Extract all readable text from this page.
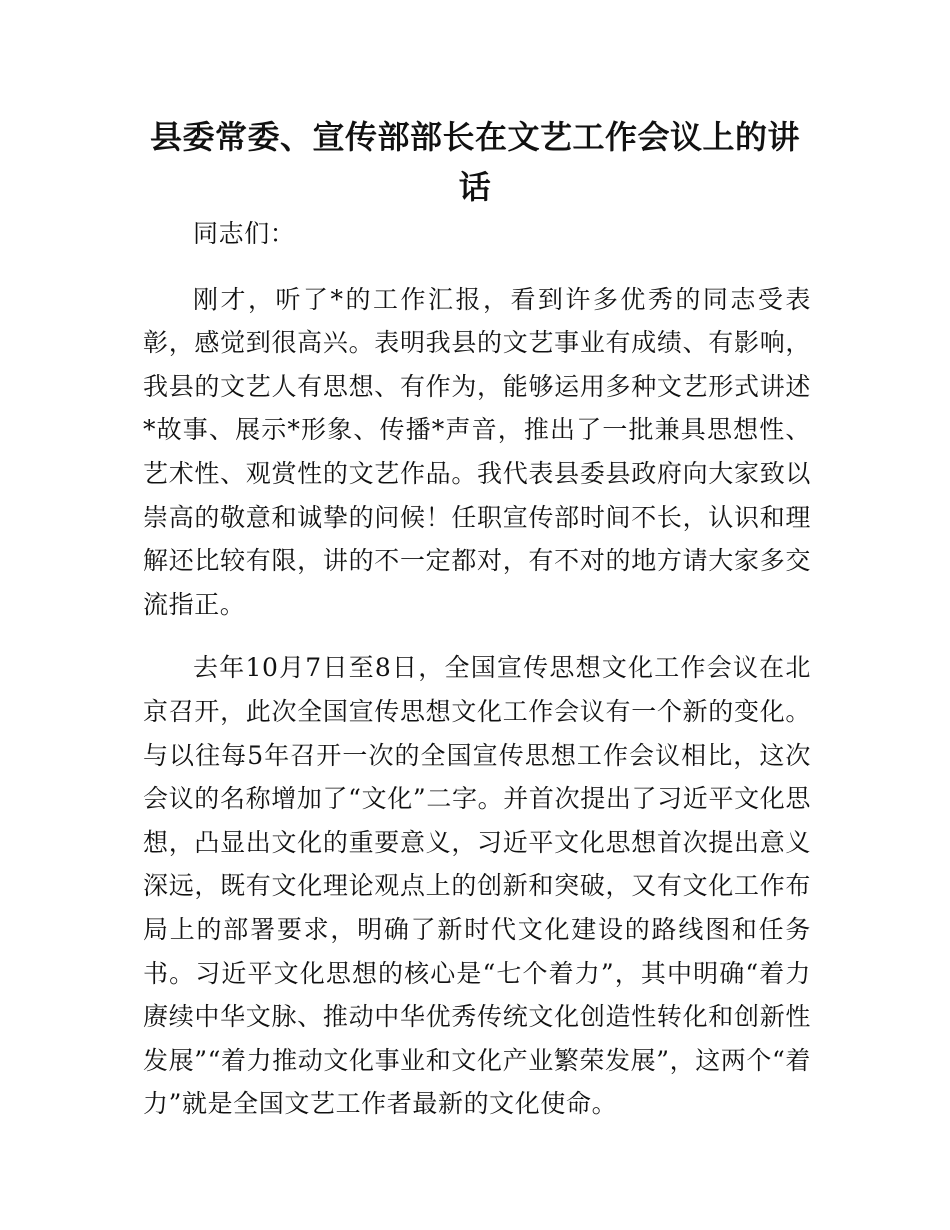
县委常委、宣传部部长在文艺工作会议上的讲话

同志们：

刚才，听了*的工作汇报，看到许多优秀的同志受表彰，感觉到很高兴。表明我县的文艺事业有成绩、有影响，我县的文艺人有思想、有作为，能够运用多种文艺形式讲述*故事、展示*形象、传播*声音，推出了一批兼具思想性、艺术性、观赏性的文艺作品。我代表县委县政府向大家致以崇高的敬意和诚挚的问候！任职宣传部时间不长，认识和理解还比较有限，讲的不一定都对，有不对的地方请大家多交流指正。

去年10月7日至8日，全国宣传思想文化工作会议在北京召开，此次全国宣传思想文化工作会议有一个新的变化。与以往每5年召开一次的全国宣传思想工作会议相比，这次会议的名称增加了“文化”二字。并首次提出了习近平文化思想，凸显出文化的重要意义，习近平文化思想首次提出意义深远，既有文化理论观点上的创新和突破，又有文化工作布局上的部署要求，明确了新时代文化建设的路线图和任务书。习近平文化思想的核心是“七个着力”，其中明确“着力赓续中华文脉、推动中华优秀传统文化创造性转化和创新性发展”“着力推动文化事业和文化产业繁荣发展”，这两个“着力”就是全国文艺工作者最新的文化使命。
